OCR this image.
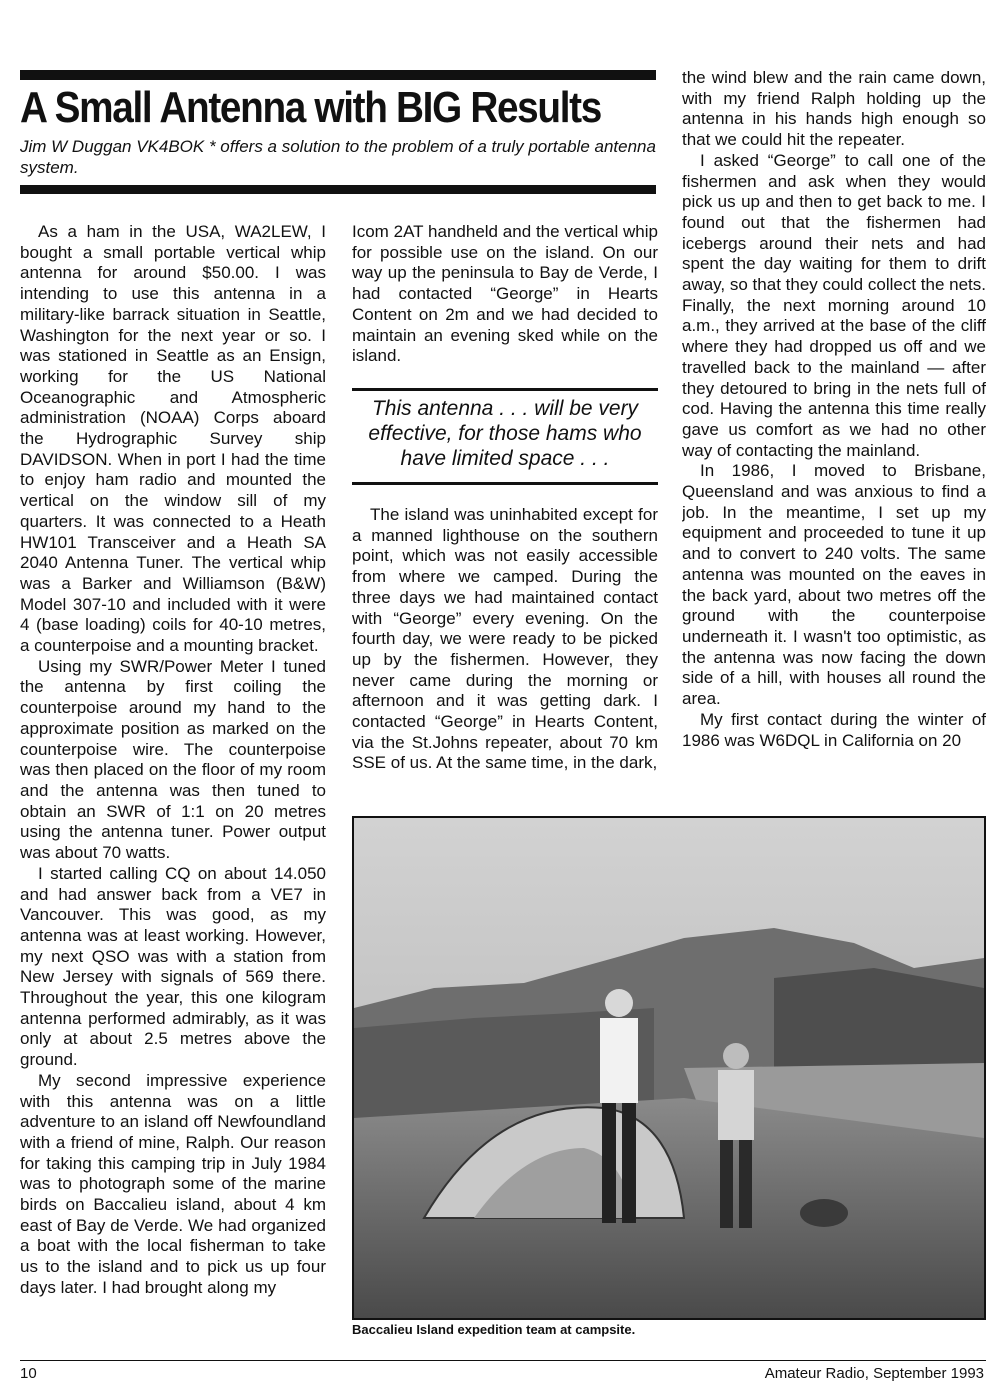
A Small Antenna with BIG Results

Jim W Duggan VK4BOK * offers a solution to the problem of a truly portable antenna system.

As a ham in the USA, WA2LEW, I bought a small portable vertical whip antenna for around $50.00. I was intending to use this antenna in a military-like barrack situation in Seattle, Washington for the next year or so. I was stationed in Seattle as an Ensign, working for the US National Oceanographic and Atmospheric administration (NOAA) Corps aboard the Hydrographic Survey ship DAVIDSON. When in port I had the time to enjoy ham radio and mounted the vertical on the window sill of my quarters. It was connected to a Heath HW101 Transceiver and a Heath SA 2040 Antenna Tuner. The vertical whip was a Barker and Williamson (B&W) Model 307-10 and included with it were 4 (base loading) coils for 40-10 metres, a counterpoise and a mounting bracket.

Using my SWR/Power Meter I tuned the antenna by first coiling the counterpoise around my hand to the approximate position as marked on the counterpoise wire. The counterpoise was then placed on the floor of my room and the antenna was then tuned to obtain an SWR of 1:1 on 20 metres using the antenna tuner. Power output was about 70 watts.

I started calling CQ on about 14.050 and had answer back from a VE7 in Vancouver. This was good, as my antenna was at least working. However, my next QSO was with a station from New Jersey with signals of 569 there. Throughout the year, this one kilogram antenna performed admirably, as it was only at about 2.5 metres above the ground.

My second impressive experience with this antenna was on a little adventure to an island off Newfoundland with a friend of mine, Ralph. Our reason for taking this camping trip in July 1984 was to photograph some of the marine birds on Baccalieu island, about 4 km east of Bay de Verde. We had organized a boat with the local fisherman to take us to the island and to pick us up four days later. I had brought along my

Icom 2AT handheld and the vertical whip for possible use on the island. On our way up the peninsula to Bay de Verde, I had contacted “George” in Hearts Content on 2m and we had decided to maintain an evening sked while on the island.

This antenna . . . will be very effective, for those hams who have limited space . . .

The island was uninhabited except for a manned lighthouse on the southern point, which was not easily accessible from where we camped. During the three days we had maintained contact with “George” every evening. On the fourth day, we were ready to be picked up by the fishermen. However, they never came during the morning or afternoon and it was getting dark. I contacted “George” in Hearts Content, via the St.Johns repeater, about 70 km SSE of us. At the same time, in the dark,

the wind blew and the rain came down, with my friend Ralph holding up the antenna in his hands high enough so that we could hit the repeater.

I asked “George” to call one of the fishermen and ask when they would pick us up and then to get back to me. I found out that the fishermen had icebergs around their nets and had spent the day waiting for them to drift away, so that they could collect the nets. Finally, the next morning around 10 a.m., they arrived at the base of the cliff where they had dropped us off and we travelled back to the mainland — after they detoured to bring in the nets full of cod. Having the antenna this time really gave us comfort as we had no other way of contacting the mainland.

In 1986, I moved to Brisbane, Queensland and was anxious to find a job. In the meantime, I set up my equipment and proceeded to tune it up and to convert to 240 volts. The same antenna was mounted on the eaves in the back yard, about two metres off the ground with the counterpoise underneath it. I wasn't too optimistic, as the antenna was now facing the down side of a hill, with houses all round the area.

My first contact during the winter of 1986 was W6DQL in California on 20

Baccalieu Island expedition team at campsite.
10	Amateur Radio, September 1993
